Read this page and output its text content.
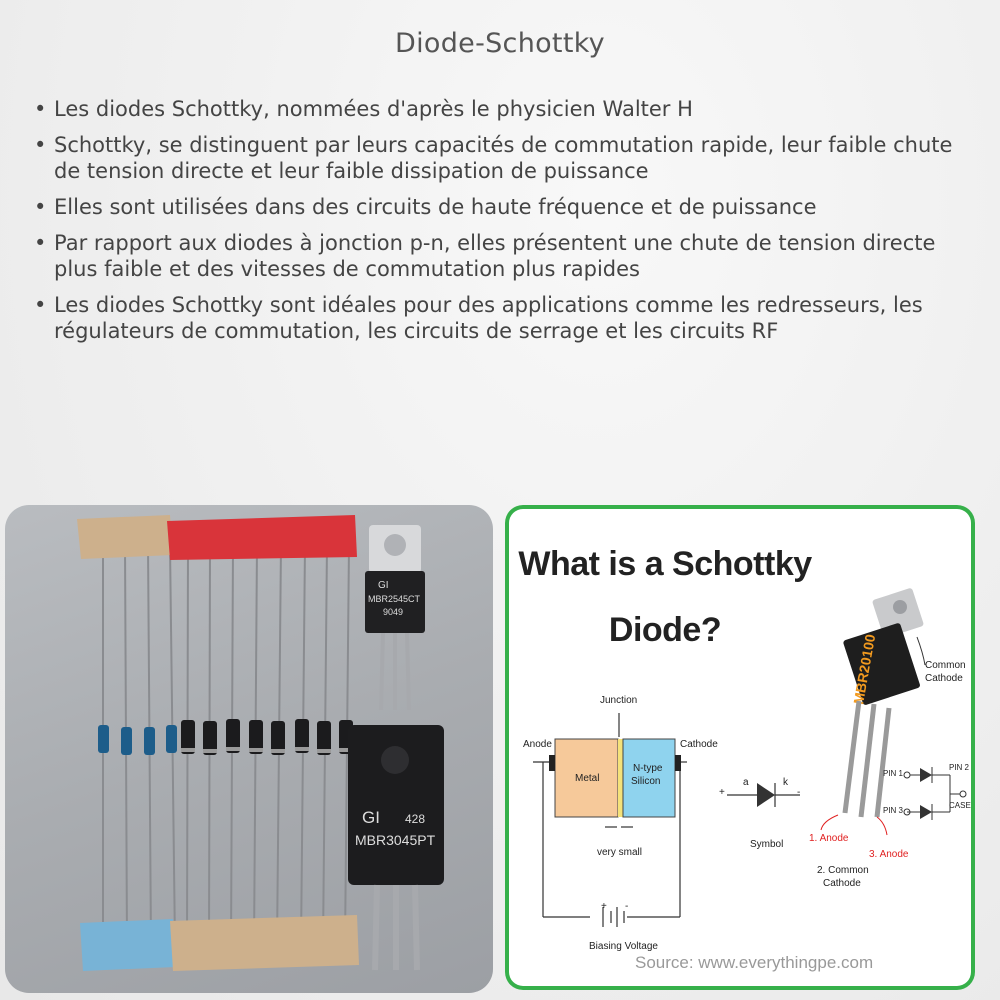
Diode-Schottky
• Les diodes Schottky, nommées d'après le physicien Walter H
• Schottky, se distinguent par leurs capacités de commutation rapide, leur faible chute de tension directe et leur faible dissipation de puissance
• Elles sont utilisées dans des circuits de haute fréquence et de puissance
• Par rapport aux diodes à jonction p-n, elles présentent une chute de tension directe plus faible et des vitesses de commutation plus rapides
• Les diodes Schottky sont idéales pour des applications comme les redresseurs, les régulateurs de commutation, les circuits de serrage et les circuits RF
GI
MBR2545CT
9049
GI 428
MBR3045PT
What is a Schottky
Diode?
MBR20100
Junction
Anode	Cathode
Metal
N-type
Silicon
very small
Biasing Voltage
+ -
+
a	k
-
Symbol
Common
Cathode
PIN 1
PIN 2
PIN 3
CASE
1. Anode
2. Common
Cathode
3. Anode
Source: www.everythingpe.com
